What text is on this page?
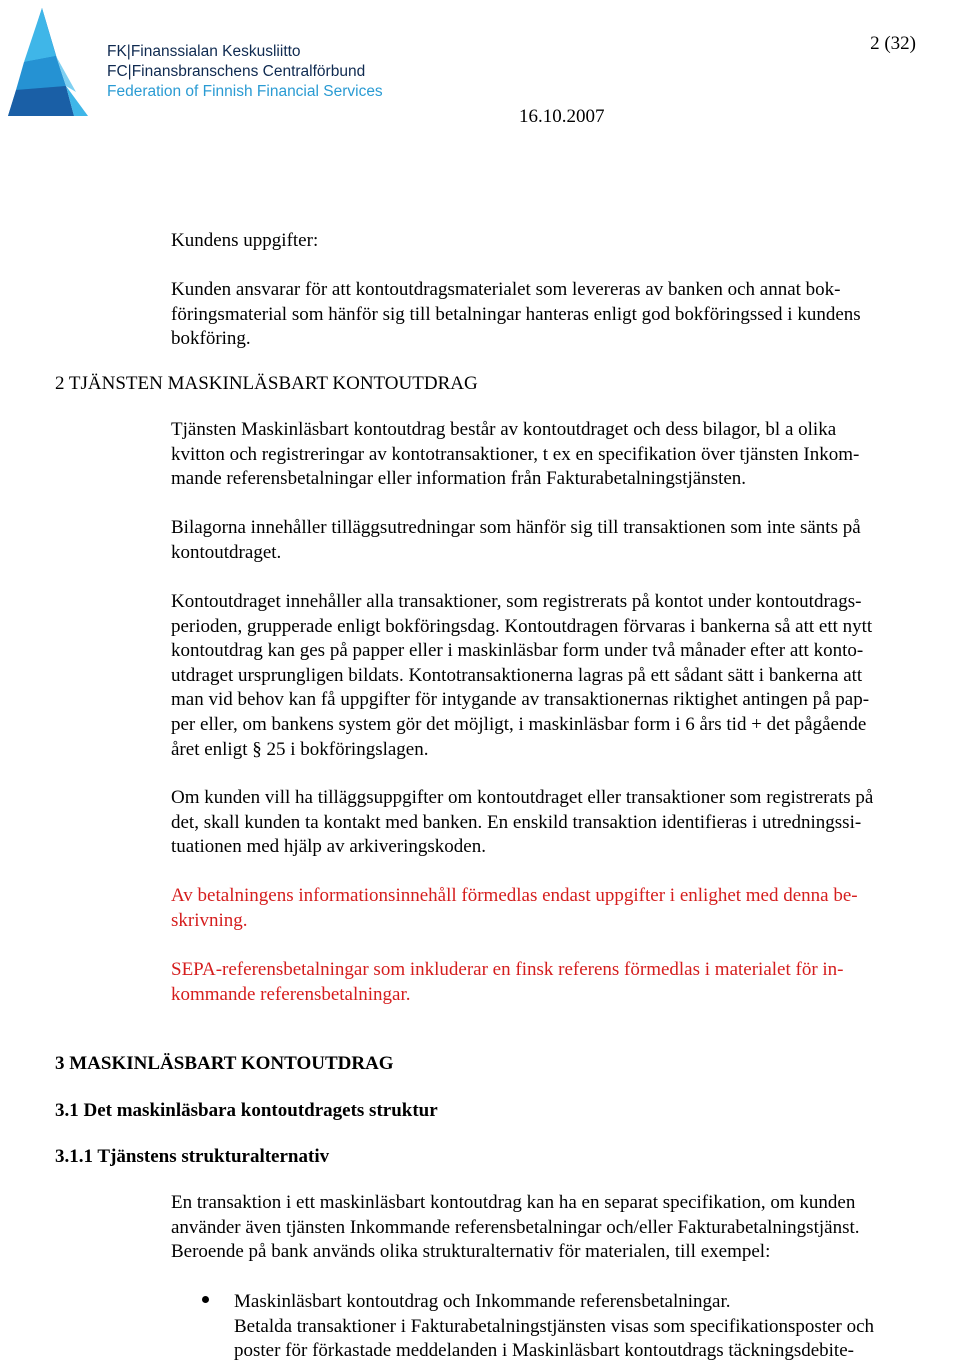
FK|Finanssialan Keskusliitto
FC|Finansbranschens Centralförbund
Federation of Finnish Financial Services
2 (32)
16.10.2007

Kundens uppgifter:

Kunden ansvarar för att kontoutdragsmaterialet som levereras av banken och annat bok-
föringsmaterial som hänför sig till betalningar hanteras enligt god bokföringssed i kundens
bokföring.

2 TJÄNSTEN MASKINLÄSBART KONTOUTDRAG

Tjänsten Maskinläsbart kontoutdrag består av kontoutdraget och dess bilagor, bl a olika
kvitton och registreringar av kontotransaktioner, t ex en specifikation över tjänsten Inkom-
mande referensbetalningar eller information från Fakturabetalningstjänsten.

Bilagorna innehåller tilläggsutredningar som hänför sig till transaktionen som inte sänts på
kontoutdraget.

Kontoutdraget innehåller alla transaktioner, som registrerats på kontot under kontoutdrags-
perioden, grupperade enligt bokföringsdag. Kontoutdragen förvaras i bankerna så att ett nytt
kontoutdrag kan ges på papper eller i maskinläsbar form under två månader efter att konto-
utdraget ursprungligen bildats. Kontotransaktionerna lagras på ett sådant sätt i bankerna att
man vid behov kan få uppgifter för intygande av transaktionernas riktighet antingen på pap-
per eller, om bankens system gör det möjligt, i maskinläsbar form i 6 års tid + det pågående
året enligt § 25 i bokföringslagen.

Om kunden vill ha tilläggsuppgifter om kontoutdraget eller transaktioner som registrerats på
det, skall kunden ta kontakt med banken. En enskild transaktion identifieras i utredningssi-
tuationen med hjälp av arkiveringskoden.

Av betalningens informationsinnehåll förmedlas endast uppgifter i enlighet med denna be-
skrivning.

SEPA-referensbetalningar som inkluderar en finsk referens förmedlas i materialet för in-
kommande referensbetalningar.

3 MASKINLÄSBART KONTOUTDRAG

3.1 Det maskinläsbara kontoutdragets struktur

3.1.1 Tjänstens strukturalternativ

En transaktion i ett maskinläsbart kontoutdrag kan ha en separat specifikation, om kunden
använder även tjänsten Inkommande referensbetalningar och/eller Fakturabetalningstjänst.
Beroende på bank används olika strukturalternativ för materialen, till exempel:

Maskinläsbart kontoutdrag och Inkommande referensbetalningar.
Betalda transaktioner i Fakturabetalningstjänsten visas som specifikationsposter och
poster för förkastade meddelanden i Maskinläsbart kontoutdrags täckningsdebite-
